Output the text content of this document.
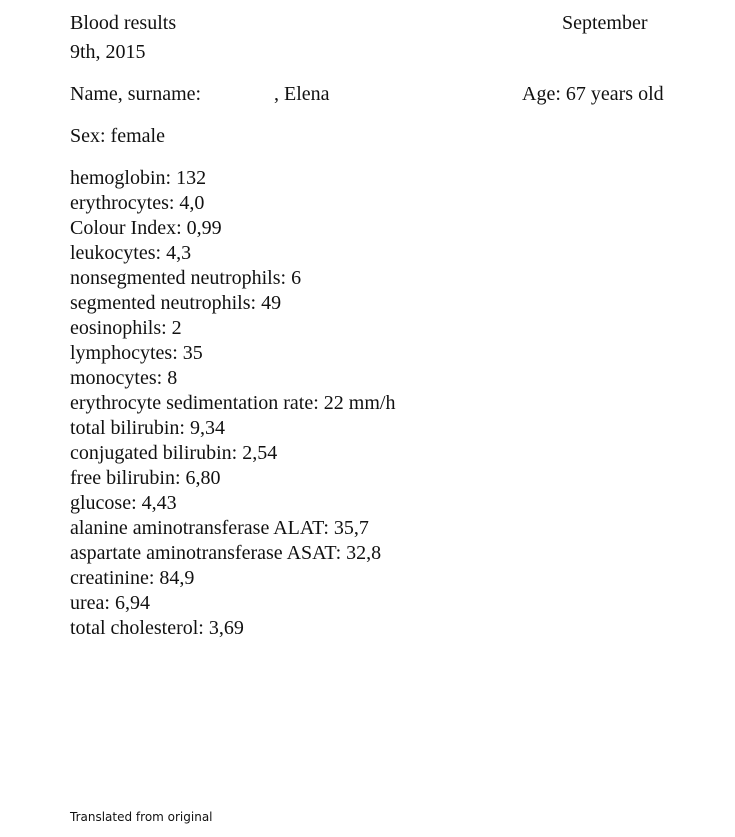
Blood results	September
9th, 2015
Name, surname:	, Elena	Age: 67 years old
Sex: female
hemoglobin: 132
erythrocytes: 4,0
Colour Index: 0,99
leukocytes: 4,3
nonsegmented neutrophils: 6
segmented neutrophils: 49
eosinophils: 2
lymphocytes: 35
monocytes: 8
erythrocyte sedimentation rate: 22 mm/h
total bilirubin: 9,34
conjugated bilirubin: 2,54
free bilirubin: 6,80
glucose: 4,43
alanine aminotransferase ALAT: 35,7
aspartate aminotransferase ASAT: 32,8
creatinine: 84,9
urea: 6,94
total cholesterol: 3,69
Translated from original
